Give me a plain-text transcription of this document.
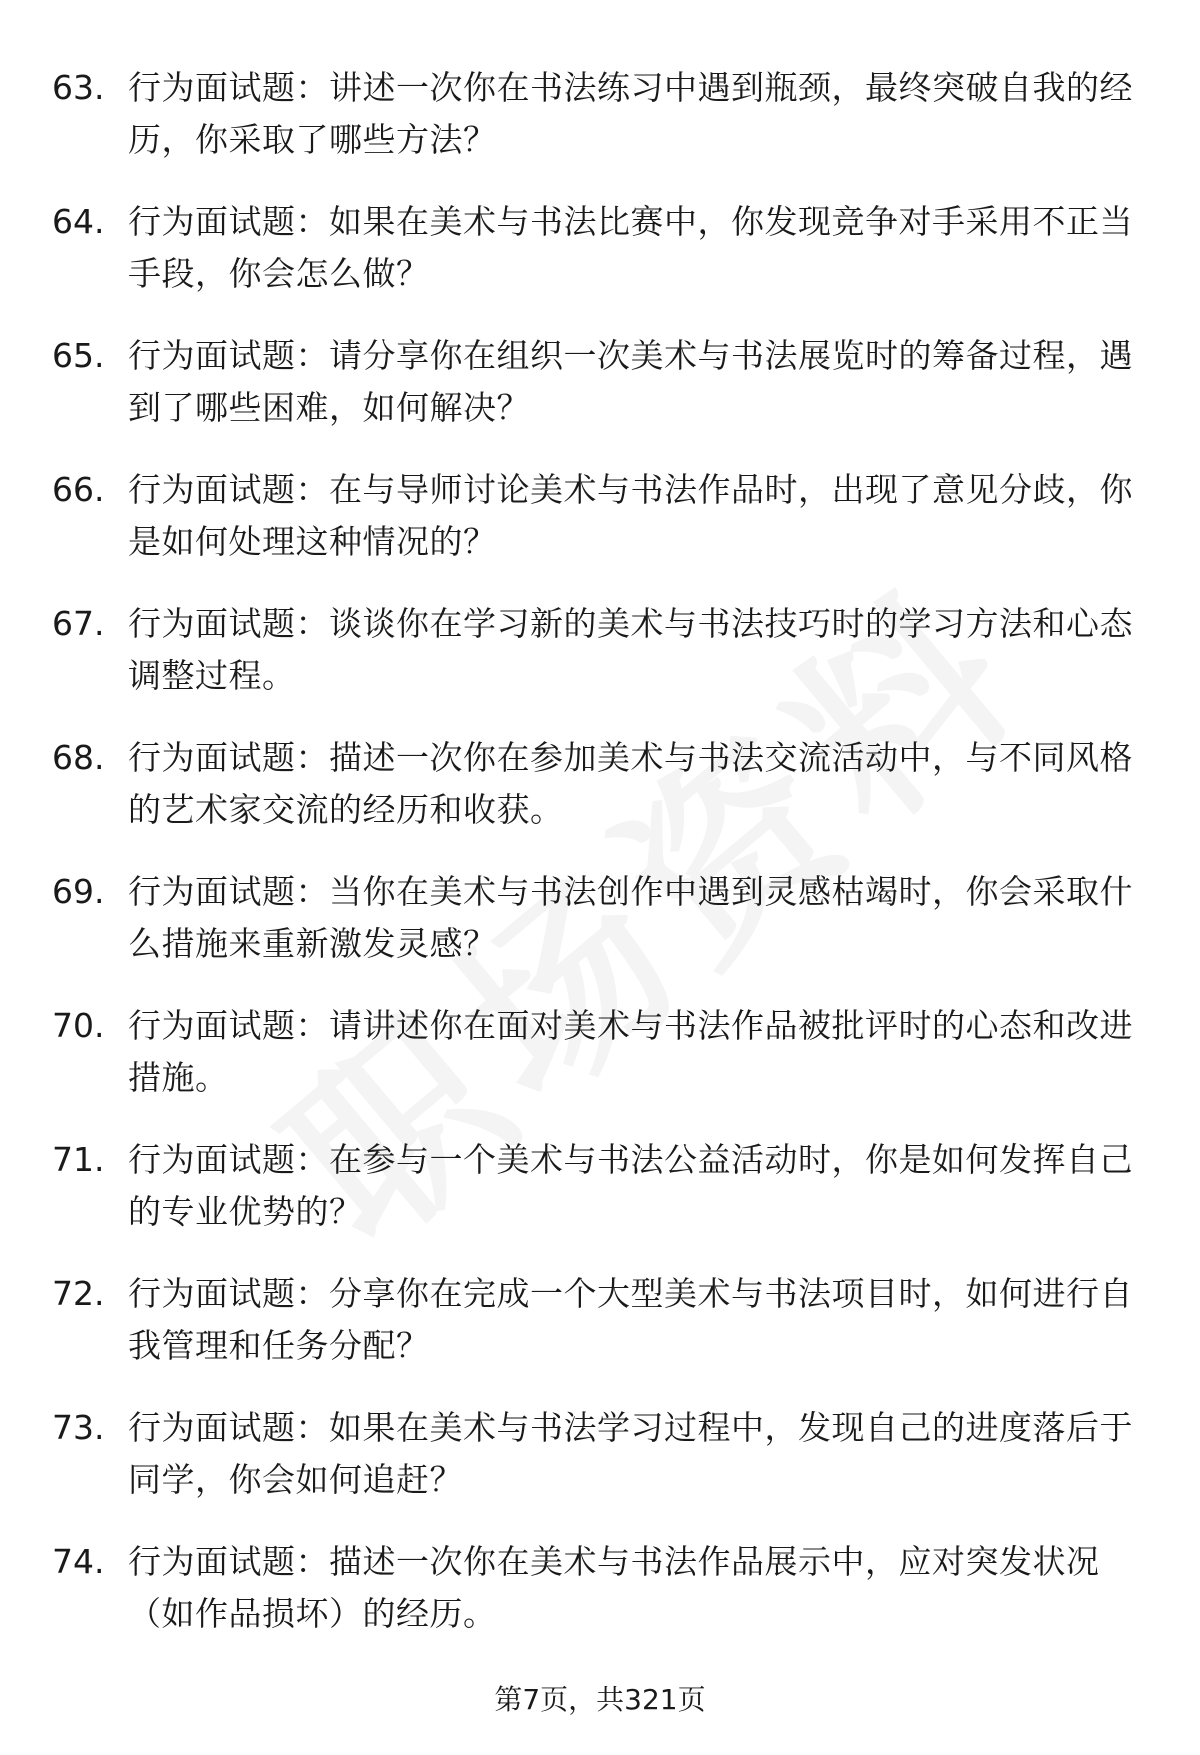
63. 行为面试题：讲述一次你在书法练习中遇到瓶颈，最终突破自我的经历，你采取了哪些方法？
64. 行为面试题：如果在美术与书法比赛中，你发现竞争对手采用不正当手段，你会怎么做？
65. 行为面试题：请分享你在组织一次美术与书法展览时的筹备过程，遇到了哪些困难，如何解决？
66. 行为面试题：在与导师讨论美术与书法作品时，出现了意见分歧，你是如何处理这种情况的？
67. 行为面试题：谈谈你在学习新的美术与书法技巧时的学习方法和心态调整过程。
68. 行为面试题：描述一次你在参加美术与书法交流活动中，与不同风格的艺术家交流的经历和收获。
69. 行为面试题：当你在美术与书法创作中遇到灵感枯竭时，你会采取什么措施来重新激发灵感？
70. 行为面试题：请讲述你在面对美术与书法作品被批评时的心态和改进措施。
71. 行为面试题：在参与一个美术与书法公益活动时，你是如何发挥自己的专业优势的？
72. 行为面试题：分享你在完成一个大型美术与书法项目时，如何进行自我管理和任务分配？
73. 行为面试题：如果在美术与书法学习过程中，发现自己的进度落后于同学，你会如何追赶？
74. 行为面试题：描述一次你在美术与书法作品展示中，应对突发状况（如作品损坏）的经历。
第7页，共321页
